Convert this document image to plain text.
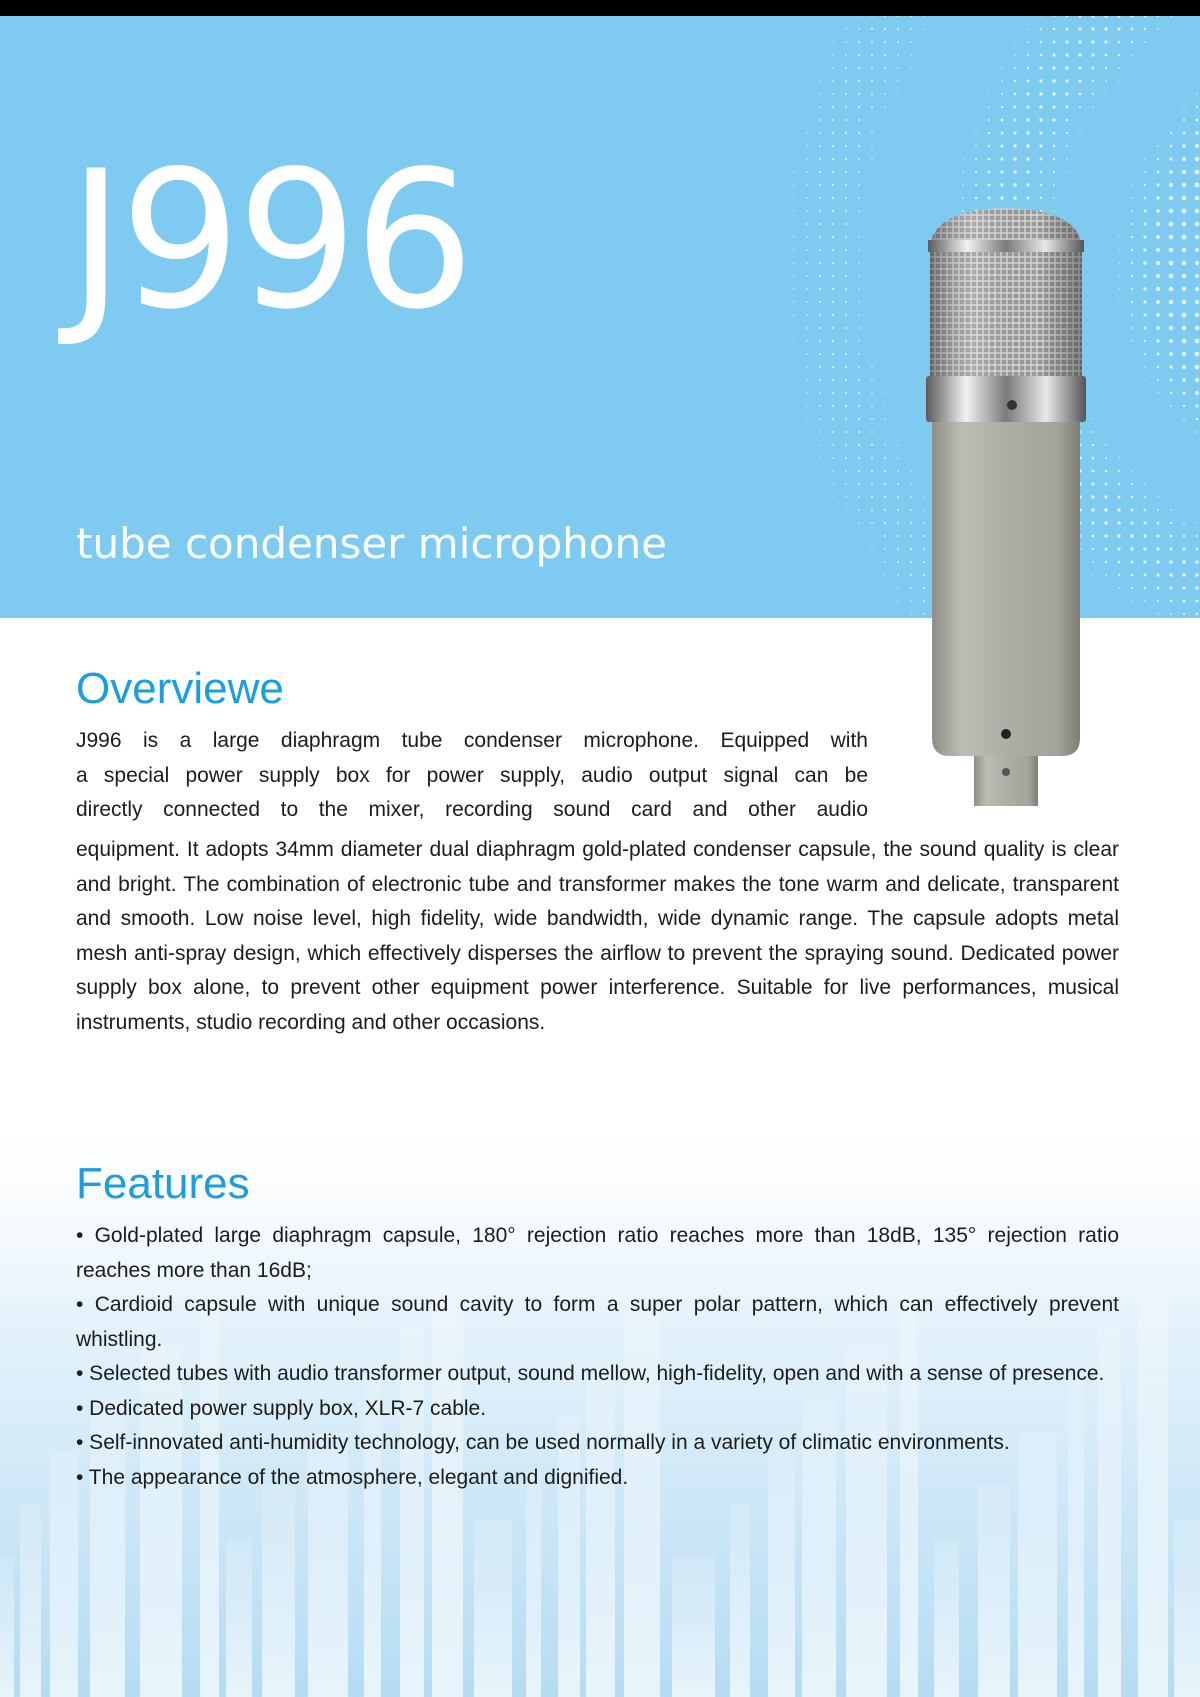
J996
tube condenser microphone
Overviewe

J996 is a large diaphragm tube condenser microphone. Equipped with

a special power supply box for power supply, audio output signal can be

directly connected to the mixer, recording sound card and other audio

equipment. It adopts 34mm diameter dual diaphragm gold-plated condenser capsule, the sound quality is clear and bright. The combination of electronic tube and transformer makes the tone warm and delicate, transparent and smooth. Low noise level, high fidelity, wide bandwidth, wide dynamic range. The capsule adopts metal mesh anti-spray design, which effectively disperses the airflow to prevent the spraying sound. Dedicated power supply box alone, to prevent other equipment power interference. Suitable for live performances, musical instruments, studio recording and other occasions.

Features
• Gold-plated large diaphragm capsule, 180° rejection ratio reaches more than 18dB, 135° rejection ratio reaches more than 16dB;
• Cardioid capsule with unique sound cavity to form a super polar pattern, which can effectively prevent whistling.
• Selected tubes with audio transformer output, sound mellow, high-fidelity, open and with a sense of presence.
• Dedicated power supply box, XLR-7 cable.
• Self-innovated anti-humidity technology, can be used normally in a variety of climatic environments.
• The appearance of the atmosphere, elegant and dignified.
